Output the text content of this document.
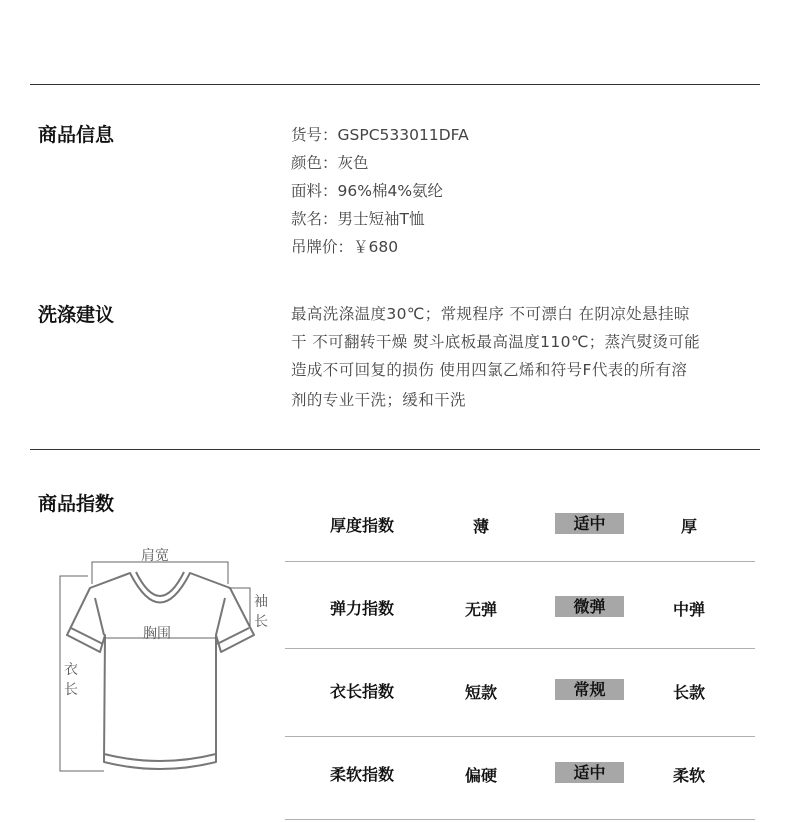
商品信息	货号：GSPC533011DFA
颜色：灰色
面料：96%棉4%氨纶
款名：男士短袖T恤
吊牌价：￥680
洗涤建议	最高洗涤温度30℃；常规程序 不可漂白 在阴凉处悬挂晾
干 不可翻转干燥 熨斗底板最高温度110℃；蒸汽熨烫可能
造成不可回复的损伤 使用四氯乙烯和符号F代表的所有溶
剂的专业干洗；缓和干洗
商品指数
肩宽
胸围
袖
长
衣
长
厚度指数	薄	适中	厚
弹力指数	无弹	微弹	中弹
衣长指数	短款	常规	长款
柔软指数	偏硬	适中	柔软
